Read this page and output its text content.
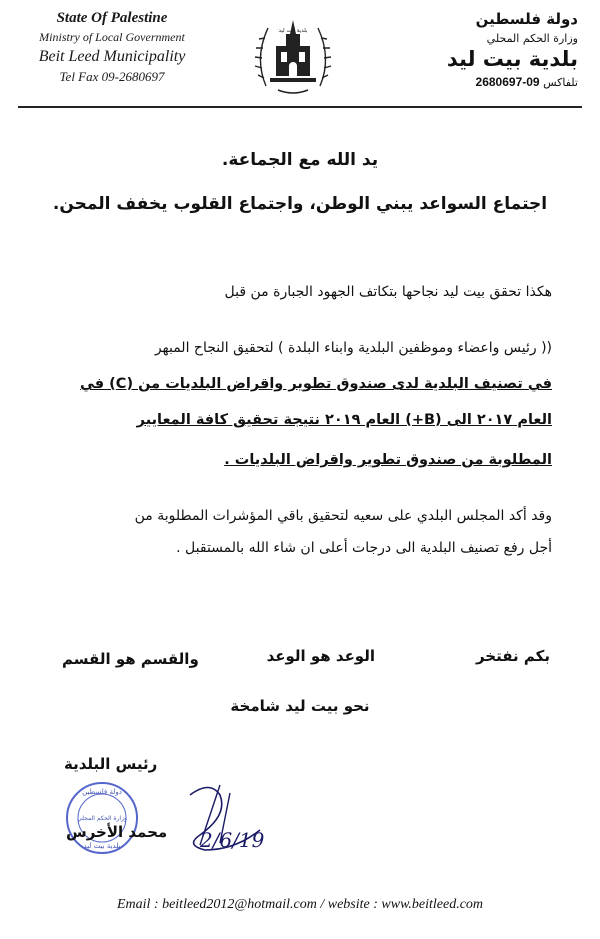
State Of Palestine
Ministry of Local Government
Beit Leed Municipality
Tel Fax 09-2680697
بلدية بيت ليد
دولة فلسطين
وزارة الحكم المحلي
بلدية بيت ليد
تلفاكس 09-2680697
يد الله مع الجماعة.
اجتماع السواعد يبني الوطن، واجتماع القلوب يخفف المحن.
هكذا تحقق بيت ليد نجاحها بتكاتف الجهود الجبارة من قبل
(( رئيس واعضاء وموظفين البلدية وابناء البلدة ) لتحقيق النجاح المبهر
في تصنيف البلدية لدى صندوق تطوير واقراض البلديات من (C) في
العام ٢٠١٧ الى (B+) العام ٢٠١٩ نتيجة تحقيق كافة المعايير
المطلوبة من صندوق تطوير واقراض البلديات .
وقد أكد المجلس البلدي على سعيه لتحقيق باقي المؤشرات المطلوبة من
أجل رفع تصنيف البلدية الى درجات أعلى ان شاء الله بالمستقبل .
بكم نفتخر
الوعد هو الوعد
والقسم هو القسم
نحو بيت ليد شامخة
رئيس البلدية
دولة فلسطين
وزارة الحكم المحلي
بلدية بيت ليد	2/6/19
محمد الأخرس
Email : beitleed2012@hotmail.com / website : www.beitleed.com
